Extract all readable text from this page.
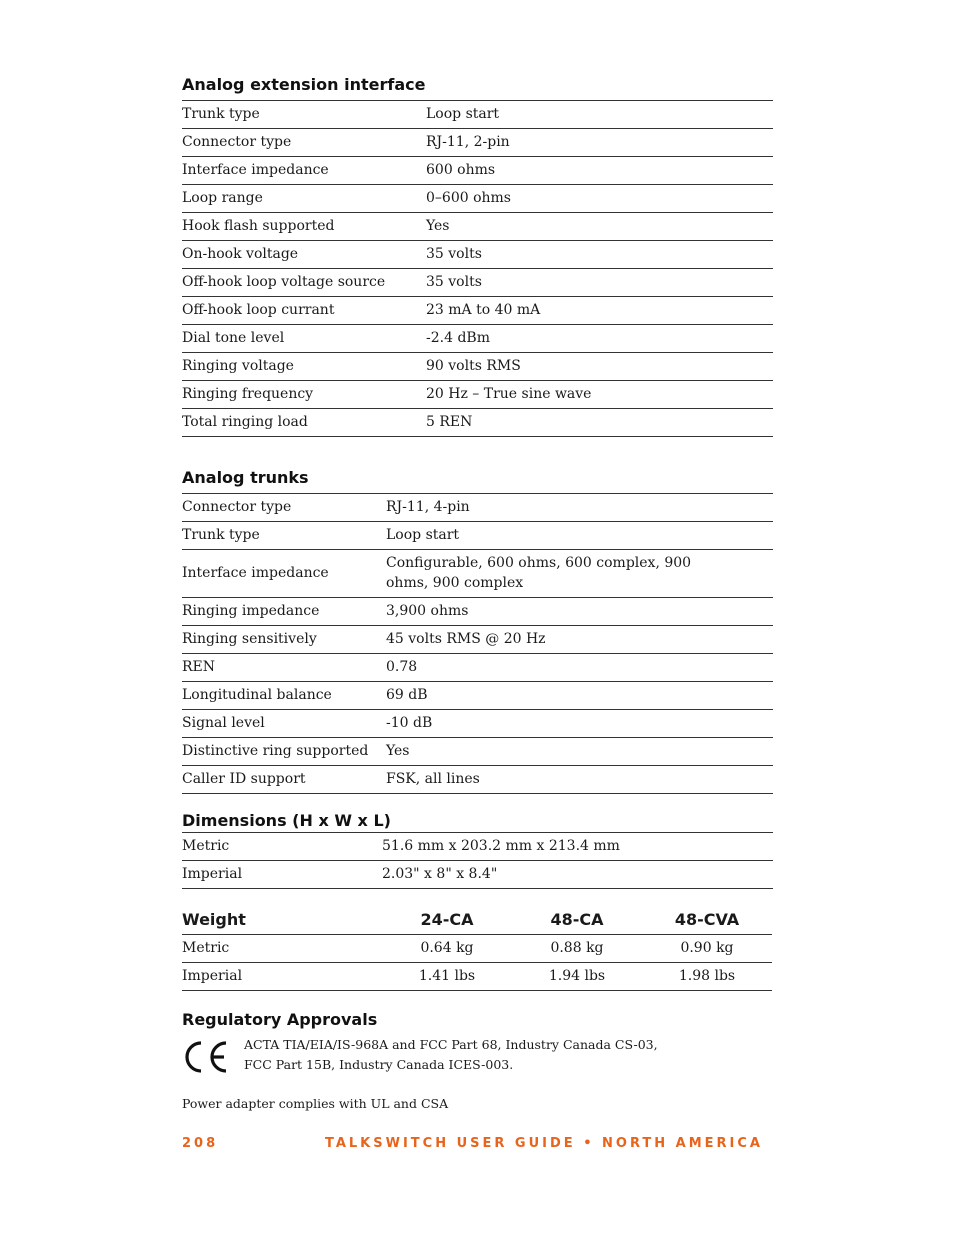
Analog extension interface
Trunk type	Loop start
Connector type	RJ-11, 2-pin
Interface impedance	600 ohms
Loop range	0–600 ohms
Hook flash supported	Yes
On-hook voltage	35 volts
Off-hook loop voltage source	35 volts
Off-hook loop currant	23 mA to 40 mA
Dial tone level	-2.4 dBm
Ringing voltage	90 volts RMS
Ringing frequency	20 Hz – True sine wave
Total ringing load	5 REN
Analog trunks
Connector type	RJ-11, 4-pin
Trunk type	Loop start
Interface impedance	Configurable, 600 ohms, 600 complex, 900 ohms, 900 complex
Ringing impedance	3,900 ohms
Ringing sensitively	45 volts RMS @ 20 Hz
REN	0.78
Longitudinal balance	69 dB
Signal level	-10 dB
Distinctive ring supported	Yes
Caller ID support	FSK, all lines
Dimensions (H x W x L)
Metric	51.6 mm x 203.2 mm x 213.4 mm
Imperial	2.03" x 8" x 8.4"
Weight	24-CA	48-CA	48-CVA
Metric	0.64 kg	0.88 kg	0.90 kg
Imperial	1.41 lbs	1.94 lbs	1.98 lbs
Regulatory Approvals
ACTA TIA/EIA/IS-968A and FCC Part 68, Industry Canada CS-03,
FCC Part 15B, Industry Canada ICES-003.
Power adapter complies with UL and CSA
208	TALKSWITCH USER GUIDE • NORTH AMERICA
